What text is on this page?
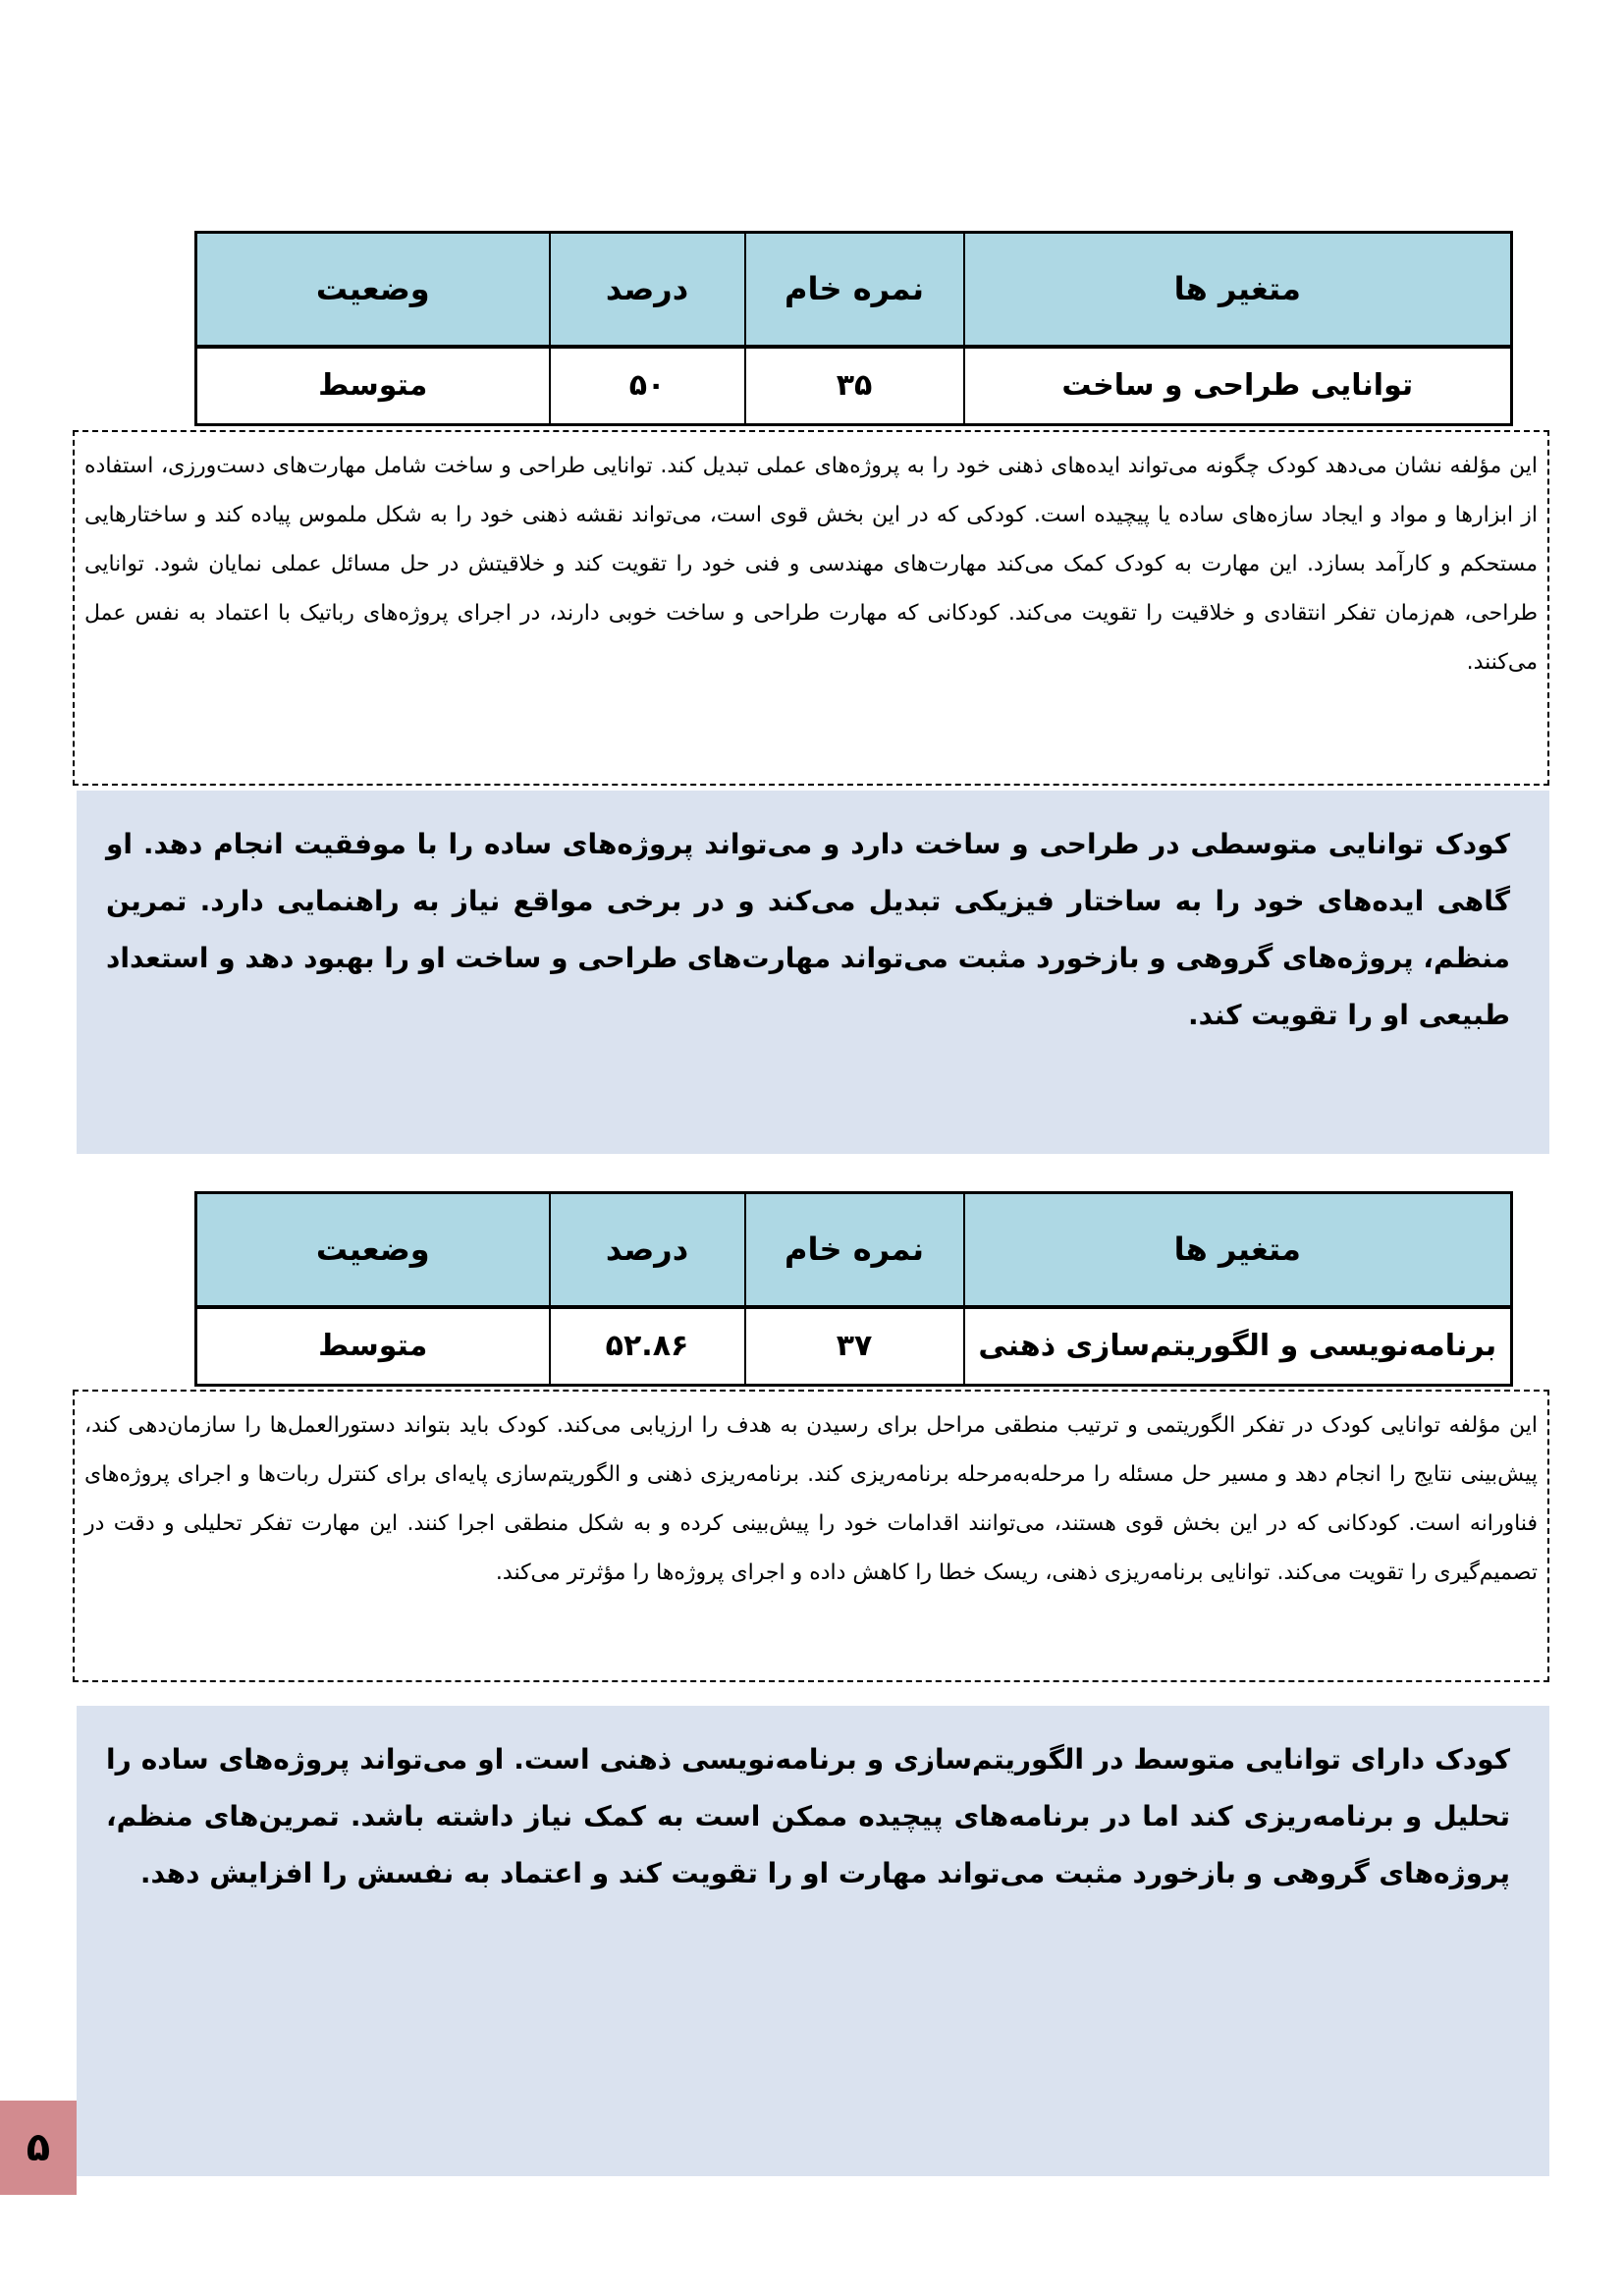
متغیر ها	نمره خام	درصد	وضعیت
توانایی طراحی و ساخت	۳۵	۵۰	متوسط
این مؤلفه نشان می‌دهد کودک چگونه می‌تواند ایده‌های ذهنی خود را به پروژه‌های عملی تبدیل کند. توانایی طراحی و ساخت شامل مهارت‌های دست‌ورزی، استفاده از ابزارها و مواد و ایجاد سازه‌های ساده یا پیچیده است. کودکی که در این بخش قوی است، می‌تواند نقشه ذهنی خود را به شکل ملموس پیاده کند و ساختارهایی مستحکم و کارآمد بسازد. این مهارت به کودک کمک می‌کند مهارت‌های مهندسی و فنی خود را تقویت کند و خلاقیتش در حل مسائل عملی نمایان شود. توانایی طراحی، هم‌زمان تفکر انتقادی و خلاقیت را تقویت می‌کند. کودکانی که مهارت طراحی و ساخت خوبی دارند، در اجرای پروژه‌های رباتیک با اعتماد به نفس عمل می‌کنند.
کودک توانایی متوسطی در طراحی و ساخت دارد و می‌تواند پروژه‌های ساده را با موفقیت انجام دهد. او گاهی ایده‌های خود را به ساختار فیزیکی تبدیل می‌کند و در برخی مواقع نیاز به راهنمایی دارد. تمرین منظم، پروژه‌های گروهی و بازخورد مثبت می‌تواند مهارت‌های طراحی و ساخت او را بهبود دهد و استعداد طبیعی او را تقویت کند.
متغیر ها	نمره خام	درصد	وضعیت
برنامه‌نویسی و الگوریتم‌سازی ذهنی	۳۷	۵۲.۸۶	متوسط
این مؤلفه توانایی کودک در تفکر الگوریتمی و ترتیب منطقی مراحل برای رسیدن به هدف را ارزیابی می‌کند. کودک باید بتواند دستورالعمل‌ها را سازمان‌دهی کند، پیش‌بینی نتایج را انجام دهد و مسیر حل مسئله را مرحله‌به‌مرحله برنامه‌ریزی کند. برنامه‌ریزی ذهنی و الگوریتم‌سازی پایه‌ای برای کنترل ربات‌ها و اجرای پروژه‌های فناورانه است. کودکانی که در این بخش قوی هستند، می‌توانند اقدامات خود را پیش‌بینی کرده و به شکل منطقی اجرا کنند. این مهارت تفکر تحلیلی و دقت در تصمیم‌گیری را تقویت می‌کند. توانایی برنامه‌ریزی ذهنی، ریسک خطا را کاهش داده و اجرای پروژه‌ها را مؤثرتر می‌کند.
کودک دارای توانایی متوسط در الگوریتم‌سازی و برنامه‌نویسی ذهنی است. او می‌تواند پروژه‌های ساده را تحلیل و برنامه‌ریزی کند اما در برنامه‌های پیچیده ممکن است به کمک نیاز داشته باشد. تمرین‌های منظم، پروژه‌های گروهی و بازخورد مثبت می‌تواند مهارت او را تقویت کند و اعتماد به نفسش را افزایش دهد.
۵
